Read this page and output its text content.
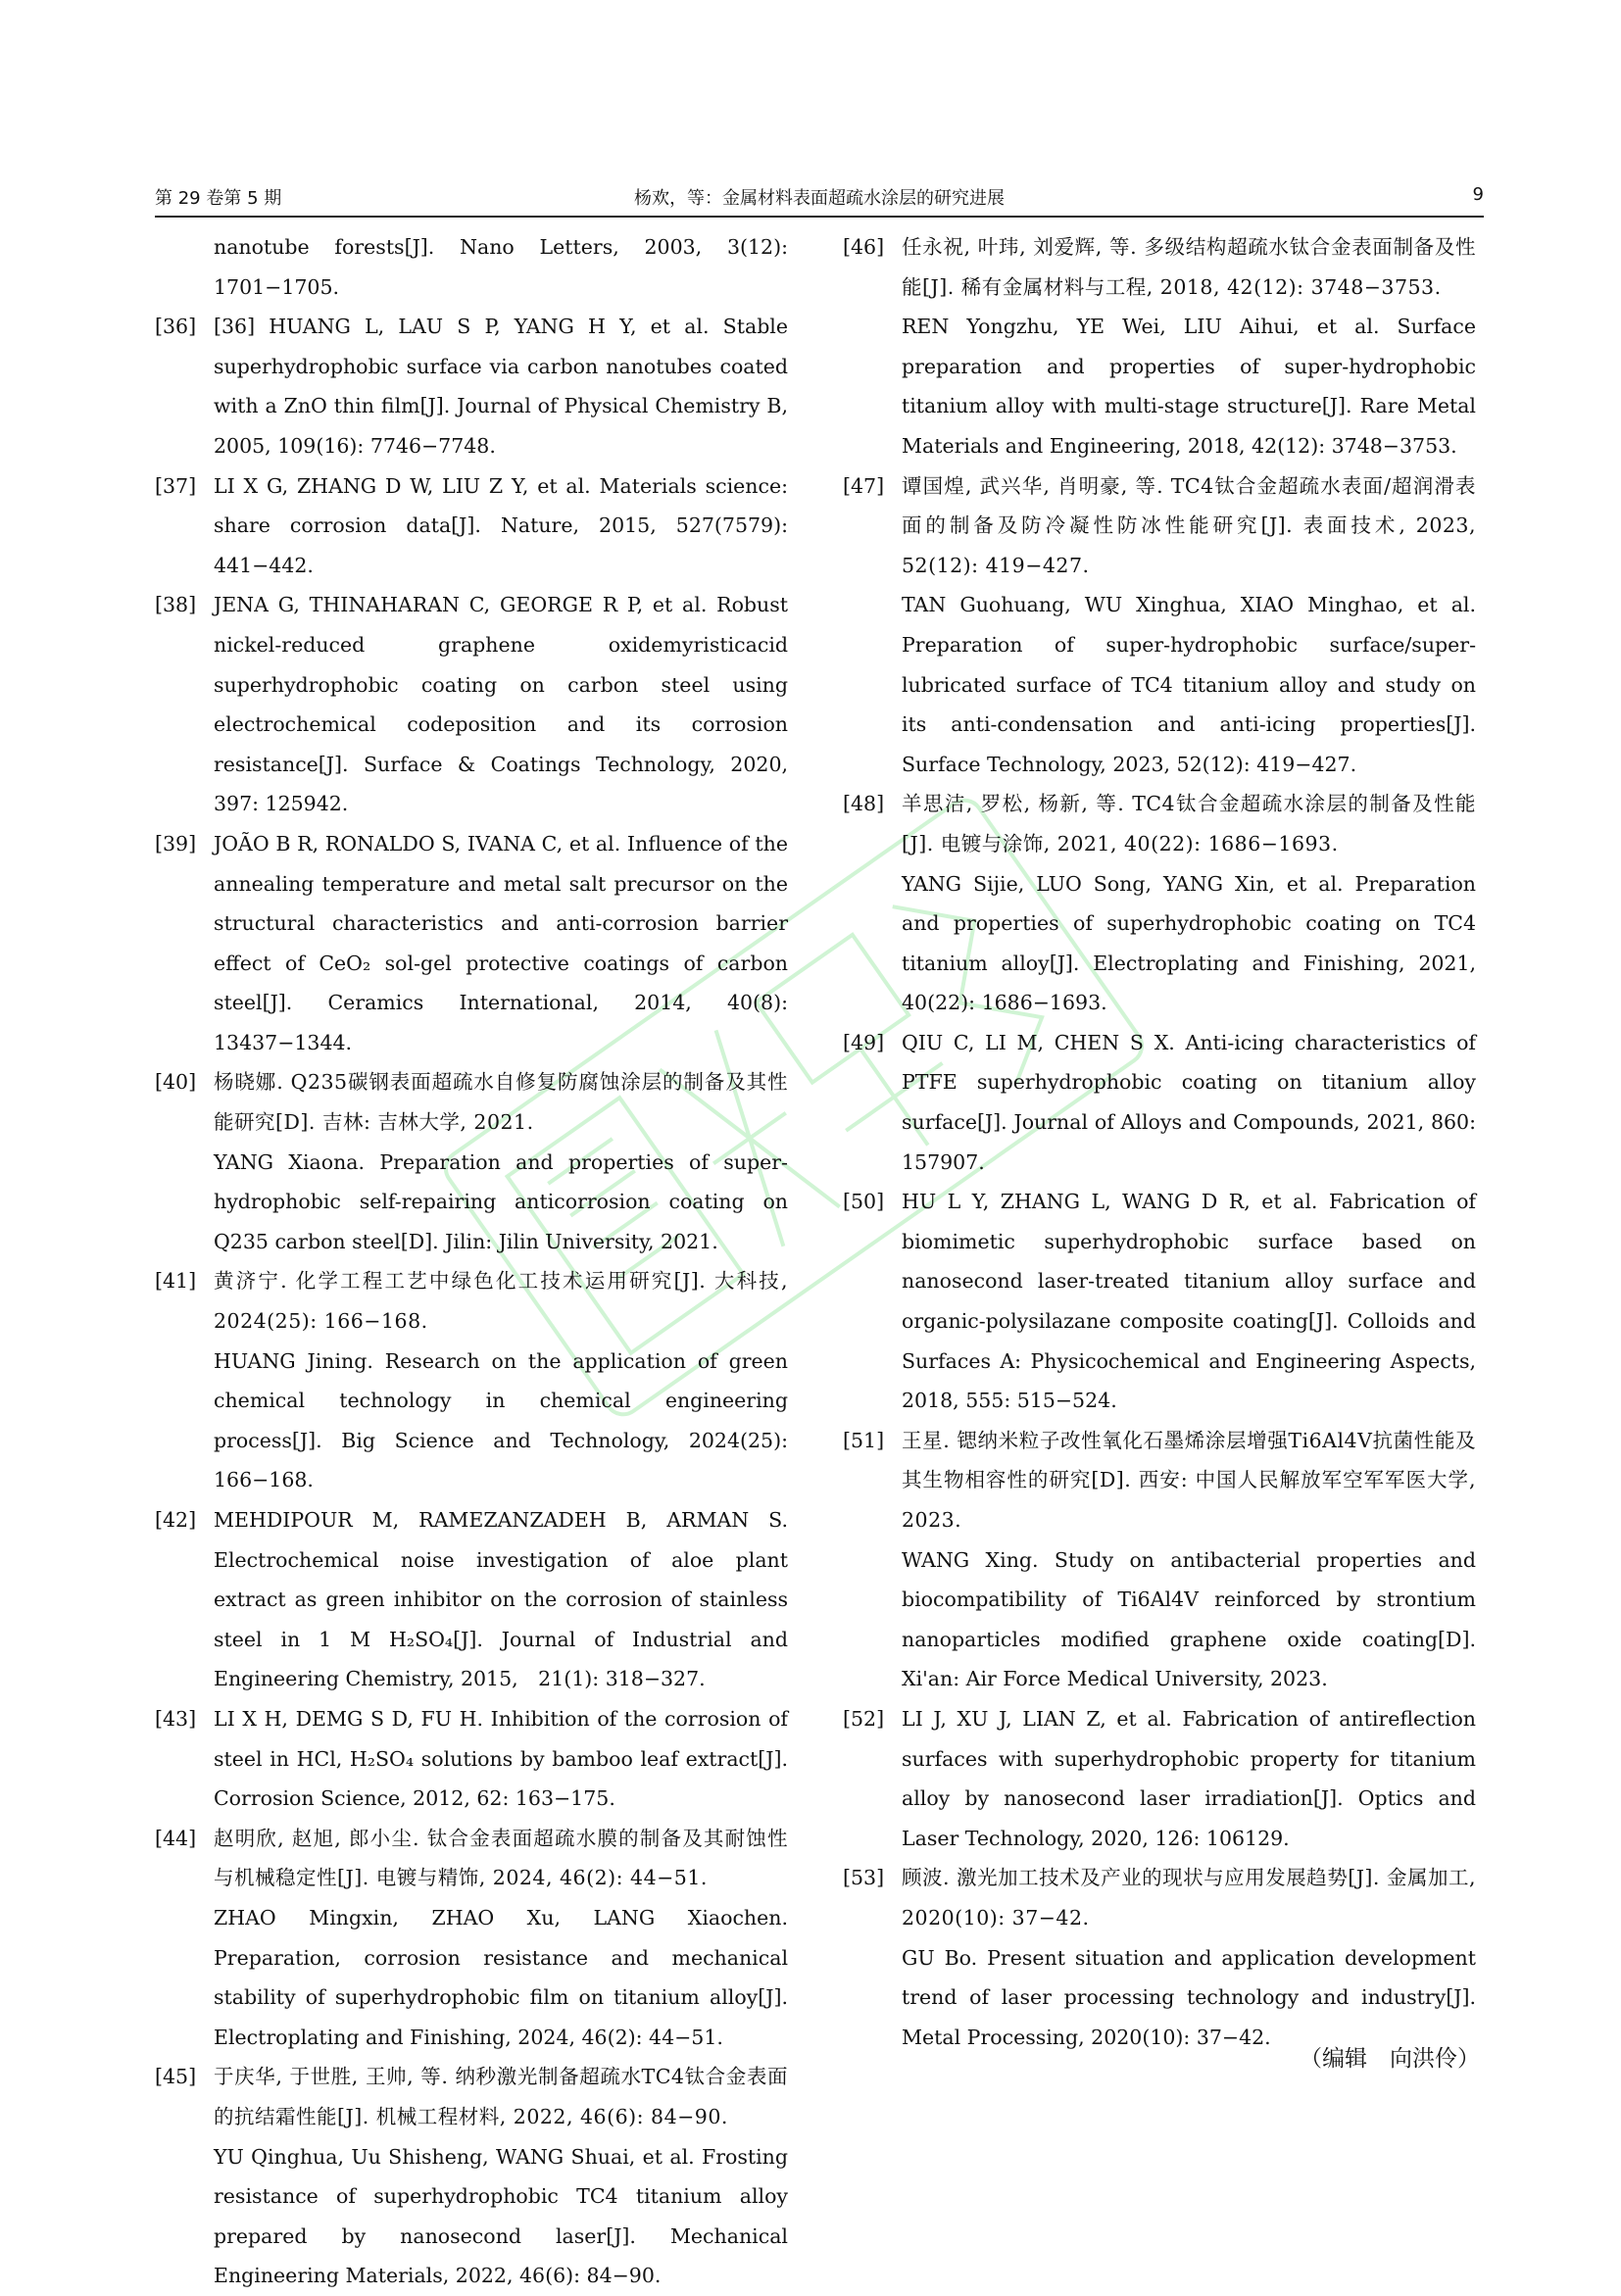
第 29 卷第 5 期	杨欢，等：金属材料表面超疏水涂层的研究进展	9
nanotube forests[J]. Nano Letters, 2003, 3(12): 1701−1705.
[36] [36] HUANG L, LAU S P, YANG H Y, et al. Stable superhydrophobic surface via carbon nanotubes coated with a ZnO thin film[J]. Journal of Physical Chemistry B, 2005, 109(16): 7746−7748.
[37] LI X G, ZHANG D W, LIU Z Y, et al. Materials science: share corrosion data[J]. Nature, 2015, 527(7579): 441−442.
[38] JENA G, THINAHARAN C, GEORGE R P, et al. Robust nickel-reduced graphene oxidemyristicacid superhydrophobic coating on carbon steel using electrochemical codeposition and its corrosion resistance[J]. Surface & Coatings Technology, 2020, 397: 125942.
[39] JOÃO B R, RONALDO S, IVANA C, et al. Influence of the annealing temperature and metal salt precursor on the structural characteristics and anti-corrosion barrier effect of CeO₂ sol-gel protective coatings of carbon steel[J]. Ceramics International, 2014, 40(8): 13437−1344.
[40] 杨晓娜. Q235碳钢表面超疏水自修复防腐蚀涂层的制备及其性能研究[D]. 吉林: 吉林大学, 2021.
YANG Xiaona. Preparation and properties of super-hydrophobic self-repairing anticorrosion coating on Q235 carbon steel[D]. Jilin: Jilin University, 2021.
[41] 黄济宁. 化学工程工艺中绿色化工技术运用研究[J]. 大科技, 2024(25): 166−168.
HUANG Jining. Research on the application of green chemical technology in chemical engineering process[J]. Big Science and Technology, 2024(25): 166−168.
[42] MEHDIPOUR M, RAMEZANZADEH B, ARMAN S. Electrochemical noise investigation of aloe plant extract as green inhibitor on the corrosion of stainless steel in 1 M H₂SO₄[J]. Journal of Industrial and Engineering Chemistry, 2015,　21(1): 318−327.
[43] LI X H, DEMG S D, FU H. Inhibition of the corrosion of steel in HCl, H₂SO₄ solutions by bamboo leaf extract[J]. Corrosion Science, 2012, 62: 163−175.
[44] 赵明欣, 赵旭, 郎小尘. 钛合金表面超疏水膜的制备及其耐蚀性与机械稳定性[J]. 电镀与精饰, 2024, 46(2): 44−51.
ZHAO Mingxin, ZHAO Xu, LANG Xiaochen. Preparation, corrosion resistance and mechanical stability of superhydrophobic film on titanium alloy[J]. Electroplating and Finishing, 2024, 46(2): 44−51.
[45] 于庆华, 于世胜, 王帅, 等. 纳秒激光制备超疏水TC4钛合金表面的抗结霜性能[J]. 机械工程材料, 2022, 46(6): 84−90.
YU Qinghua, Uu Shisheng, WANG Shuai, et al. Frosting resistance of superhydrophobic TC4 titanium alloy prepared by nanosecond laser[J]. Mechanical Engineering Materials, 2022, 46(6): 84−90.
[46] 任永祝, 叶玮, 刘爱辉, 等. 多级结构超疏水钛合金表面制备及性能[J]. 稀有金属材料与工程, 2018, 42(12): 3748−3753.
REN Yongzhu, YE Wei, LIU Aihui, et al. Surface preparation and properties of super-hydrophobic titanium alloy with multi-stage structure[J]. Rare Metal Materials and Engineering, 2018, 42(12): 3748−3753.
[47] 谭国煌, 武兴华, 肖明豪, 等. TC4钛合金超疏水表面/超润滑表面的制备及防冷凝性防冰性能研究[J]. 表面技术, 2023, 52(12): 419−427.
TAN Guohuang, WU Xinghua, XIAO Minghao, et al. Preparation of super-hydrophobic surface/super-lubricated surface of TC4 titanium alloy and study on its anti-condensation and anti-icing properties[J]. Surface Technology, 2023, 52(12): 419−427.
[48] 羊思洁, 罗松, 杨新, 等. TC4钛合金超疏水涂层的制备及性能[J]. 电镀与涂饰, 2021, 40(22): 1686−1693.
YANG Sijie, LUO Song, YANG Xin, et al. Preparation and properties of superhydrophobic coating on TC4 titanium alloy[J]. Electroplating and Finishing, 2021, 40(22): 1686−1693.
[49] QIU C, LI M, CHEN S X. Anti-icing characteristics of PTFE superhydrophobic coating on titanium alloy surface[J]. Journal of Alloys and Compounds, 2021, 860: 157907.
[50] HU L Y, ZHANG L, WANG D R, et al. Fabrication of biomimetic superhydrophobic surface based on nanosecond laser-treated titanium alloy surface and organic-polysilazane composite coating[J]. Colloids and Surfaces A: Physicochemical and Engineering Aspects, 2018, 555: 515−524.
[51] 王星. 锶纳米粒子改性氧化石墨烯涂层增强Ti6Al4V抗菌性能及其生物相容性的研究[D]. 西安: 中国人民解放军空军军医大学, 2023.
WANG Xing. Study on antibacterial properties and biocompatibility of Ti6Al4V reinforced by strontium nanoparticles modified graphene oxide coating[D]. Xi'an: Air Force Medical University, 2023.
[52] LI J, XU J, LIAN Z, et al. Fabrication of antireflection surfaces with superhydrophobic property for titanium alloy by nanosecond laser irradiation[J]. Optics and Laser Technology, 2020, 126: 106129.
[53] 顾波. 激光加工技术及产业的现状与应用发展趋势[J]. 金属加工, 2020(10): 37−42.
GU Bo. Present situation and application development trend of laser processing technology and industry[J]. Metal Processing, 2020(10): 37−42.
（编辑　向洪伶）
